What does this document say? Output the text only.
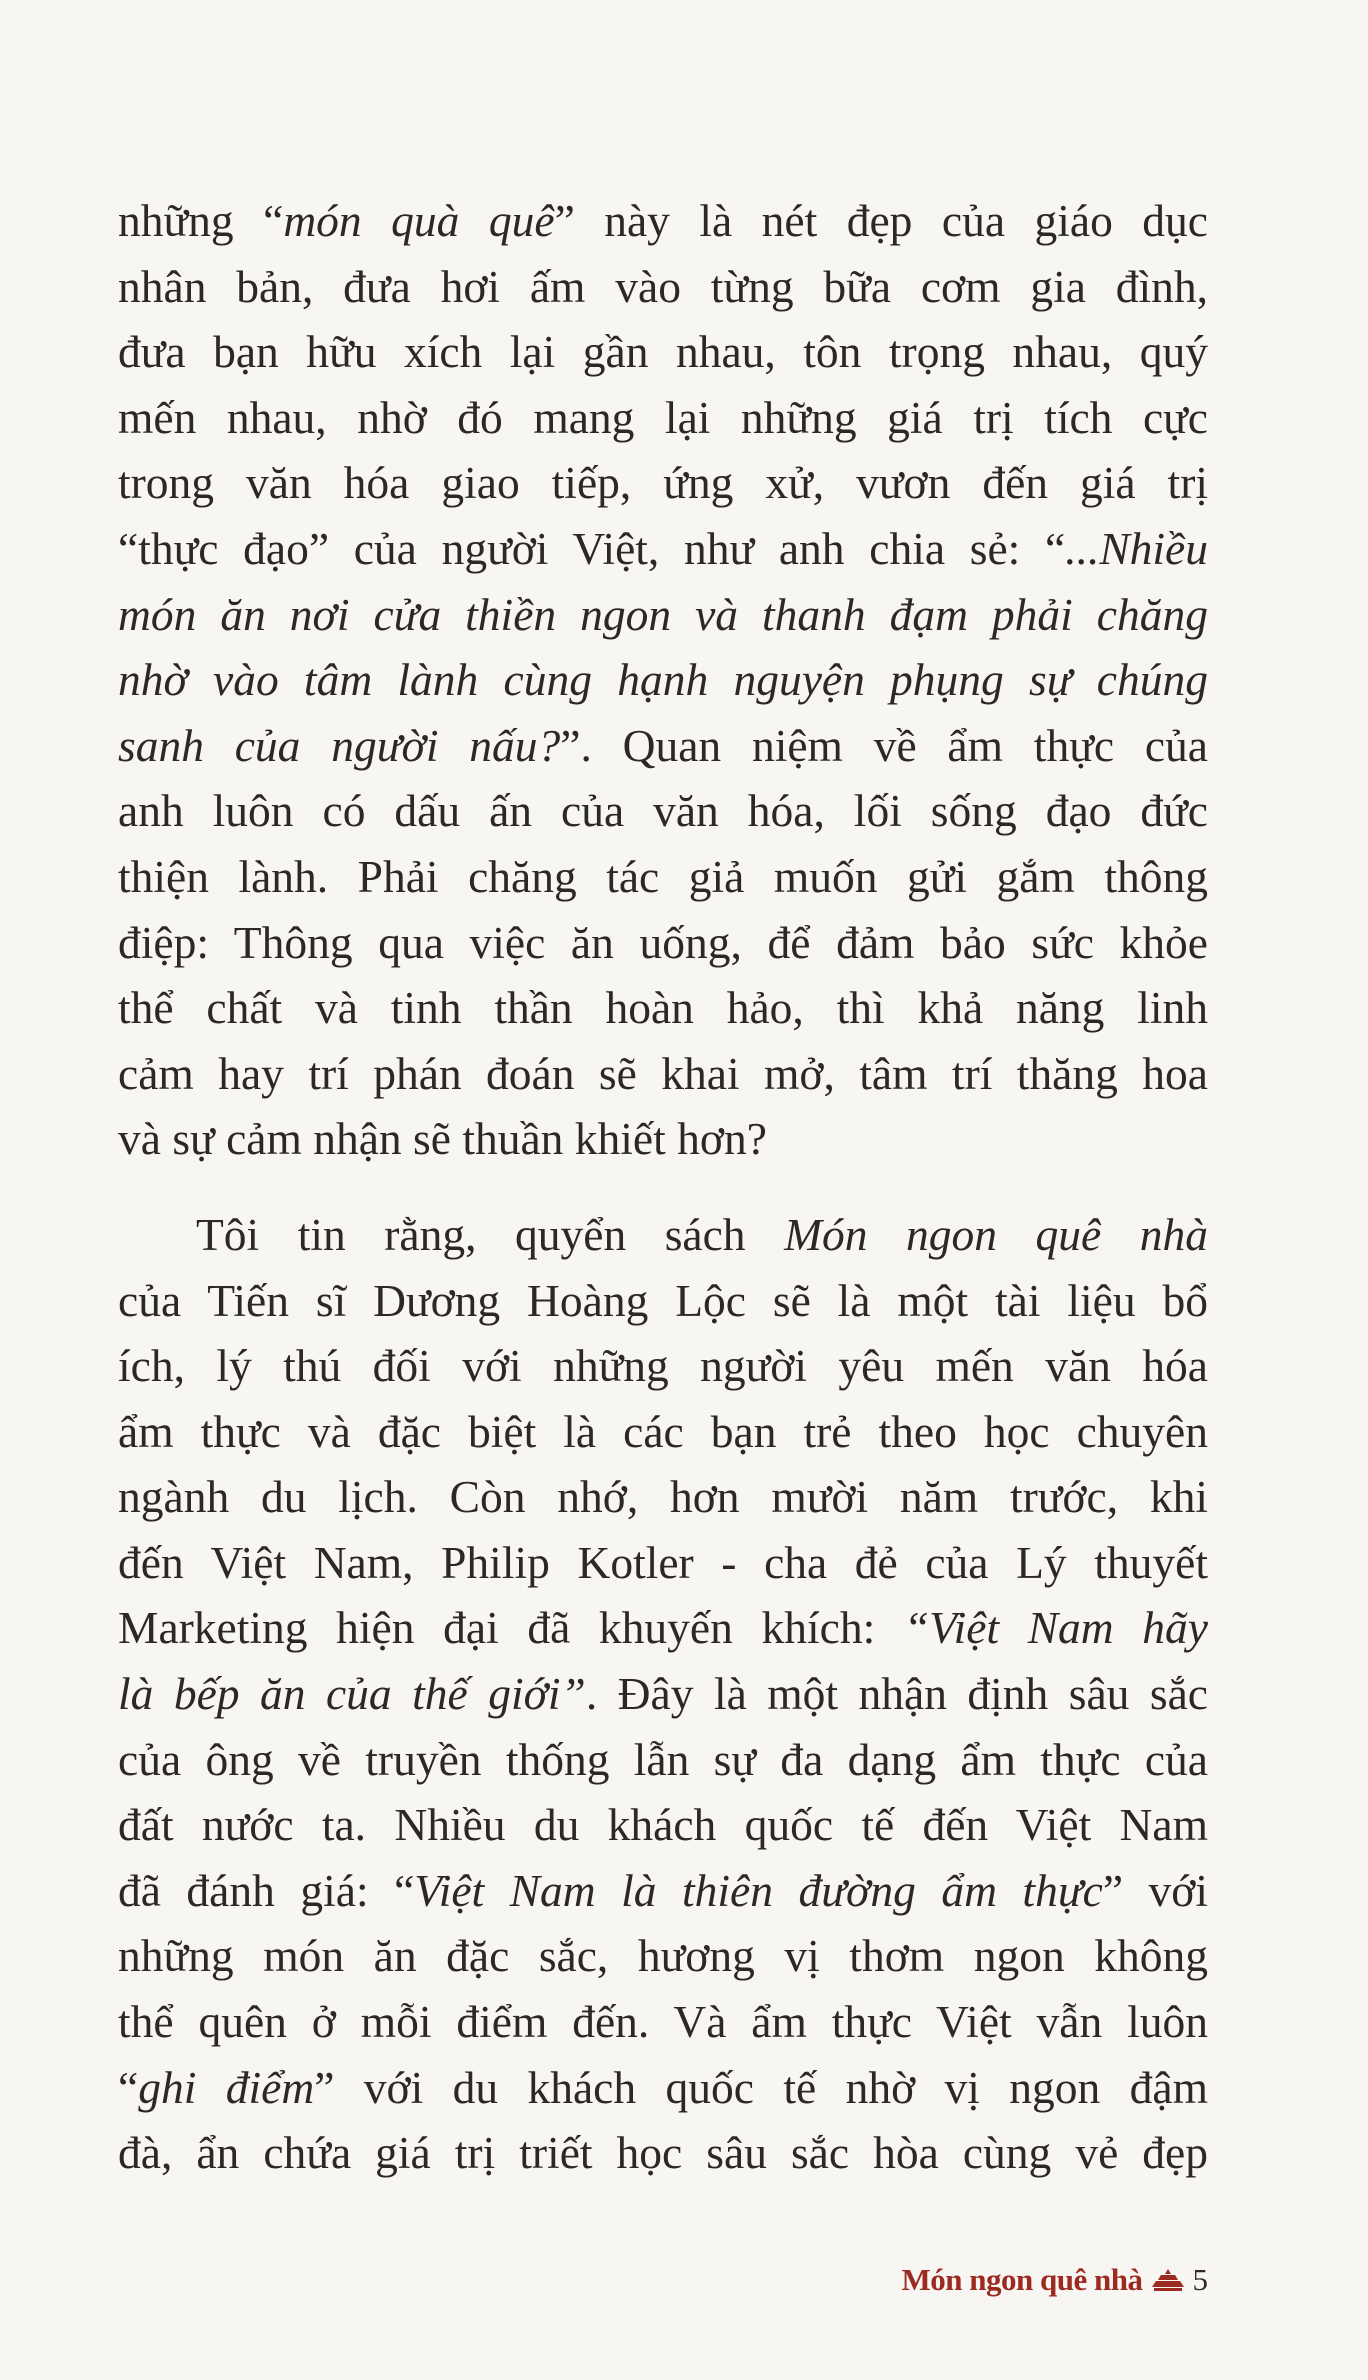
những “món quà quê” này là nét đẹp của giáo dục
nhân bản, đưa hơi ấm vào từng bữa cơm gia đình,
đưa bạn hữu xích lại gần nhau, tôn trọng nhau, quý
mến nhau, nhờ đó mang lại những giá trị tích cực
trong văn hóa giao tiếp, ứng xử, vươn đến giá trị
“thực đạo” của người Việt, như anh chia sẻ: “...Nhiều
món ăn nơi cửa thiền ngon và thanh đạm phải chăng
nhờ vào tâm lành cùng hạnh nguyện phụng sự chúng
sanh của người nấu?”. Quan niệm về ẩm thực của
anh luôn có dấu ấn của văn hóa, lối sống đạo đức
thiện lành. Phải chăng tác giả muốn gửi gắm thông
điệp: Thông qua việc ăn uống, để đảm bảo sức khỏe
thể chất và tinh thần hoàn hảo, thì khả năng linh
cảm hay trí phán đoán sẽ khai mở, tâm trí thăng hoa
và sự cảm nhận sẽ thuần khiết hơn?
Tôi tin rằng, quyển sách Món ngon quê nhà
của Tiến sĩ Dương Hoàng Lộc sẽ là một tài liệu bổ
ích, lý thú đối với những người yêu mến văn hóa
ẩm thực và đặc biệt là các bạn trẻ theo học chuyên
ngành du lịch. Còn nhớ, hơn mười năm trước, khi
đến Việt Nam, Philip Kotler - cha đẻ của Lý thuyết
Marketing hiện đại đã khuyến khích: “Việt Nam hãy
là bếp ăn của thế giới”. Đây là một nhận định sâu sắc
của ông về truyền thống lẫn sự đa dạng ẩm thực của
đất nước ta. Nhiều du khách quốc tế đến Việt Nam
đã đánh giá: “Việt Nam là thiên đường ẩm thực” với
những món ăn đặc sắc, hương vị thơm ngon không
thể quên ở mỗi điểm đến. Và ẩm thực Việt vẫn luôn
“ghi điểm” với du khách quốc tế nhờ vị ngon đậm
đà, ẩn chứa giá trị triết học sâu sắc hòa cùng vẻ đẹp
Món ngon quê nhà 5
